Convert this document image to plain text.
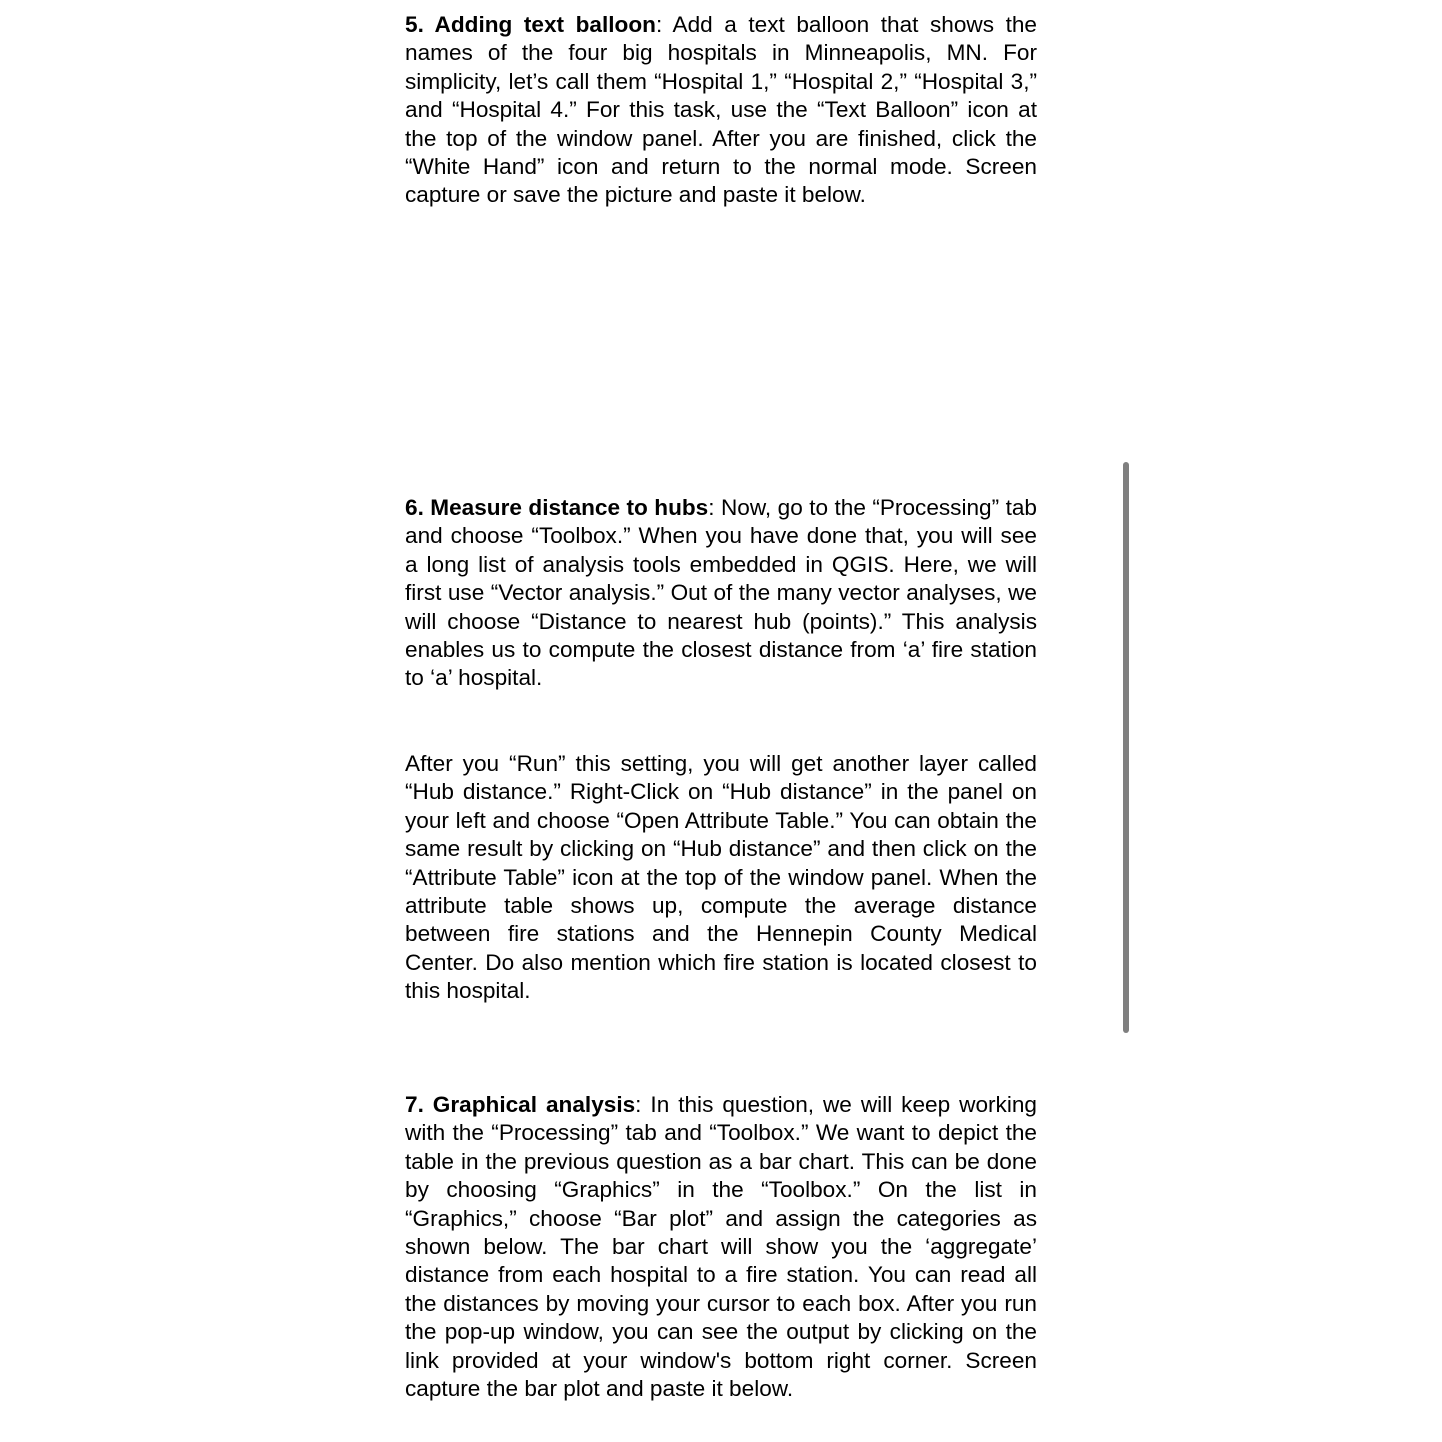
5. Adding text balloon: Add a text balloon that shows the names of the four big hospitals in Minneapolis, MN. For simplicity, let’s call them “Hospital 1,” “Hospital 2,” “Hospital 3,” and “Hospital 4.” For this task, use the “Text Balloon” icon at the top of the window panel. After you are finished, click the “White Hand” icon and return to the normal mode. Screen capture or save the picture and paste it below.

6. Measure distance to hubs: Now, go to the “Processing” tab and choose “Toolbox.” When you have done that, you will see a long list of analysis tools embedded in QGIS. Here, we will first use “Vector analysis.” Out of the many vector analyses, we will choose “Distance to nearest hub (points).” This analysis enables us to compute the closest distance from ‘a’ fire station to ‘a’ hospital.

After you “Run” this setting, you will get another layer called “Hub distance.” Right-Click on “Hub distance” in the panel on your left and choose “Open Attribute Table.” You can obtain the same result by clicking on “Hub distance” and then click on the “Attribute Table” icon at the top of the window panel. When the attribute table shows up, compute the average distance between fire stations and the Hennepin County Medical Center. Do also mention which fire station is located closest to this hospital.

7. Graphical analysis: In this question, we will keep working with the “Processing” tab and “Toolbox.” We want to depict the table in the previous question as a bar chart. This can be done by choosing “Graphics” in the “Toolbox.” On the list in “Graphics,” choose “Bar plot” and assign the categories as shown below. The bar chart will show you the ‘aggregate’ distance from each hospital to a fire station. You can read all the distances by moving your cursor to each box. After you run the pop-up window, you can see the output by clicking on the link provided at your window's bottom right corner. Screen capture the bar plot and paste it below.
